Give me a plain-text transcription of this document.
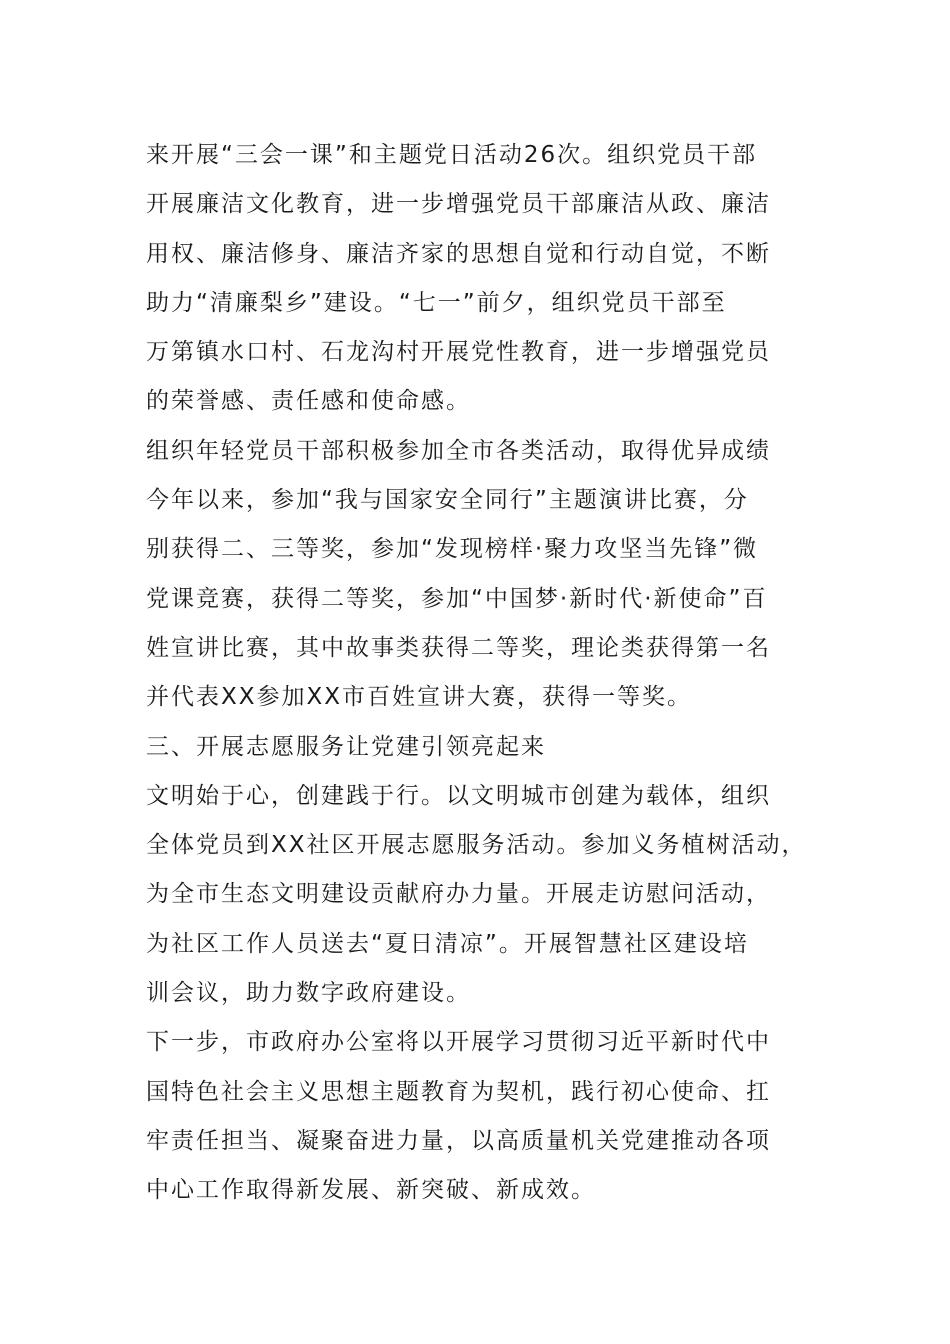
来开展“三会一课”和主题党日活动26次。组织党员干部
开展廉洁文化教育，进一步增强党员干部廉洁从政、廉洁
用权、廉洁修身、廉洁齐家的思想自觉和行动自觉，不断
助力“清廉梨乡”建设。“七一”前夕，组织党员干部至
万第镇水口村、石龙沟村开展党性教育，进一步增强党员
的荣誉感、责任感和使命感。
组织年轻党员干部积极参加全市各类活动，取得优异成绩
今年以来，参加“我与国家安全同行”主题演讲比赛，分
别获得二、三等奖，参加“发现榜样·聚力攻坚当先锋”微
党课竞赛，获得二等奖，参加“中国梦·新时代·新使命”百
姓宣讲比赛，其中故事类获得二等奖，理论类获得第一名
并代表XX参加XX市百姓宣讲大赛，获得一等奖。
三、开展志愿服务让党建引领亮起来
文明始于心，创建践于行。以文明城市创建为载体，组织
全体党员到XX社区开展志愿服务活动。参加义务植树活动，
为全市生态文明建设贡献府办力量。开展走访慰问活动，
为社区工作人员送去“夏日清凉”。开展智慧社区建设培
训会议，助力数字政府建设。
下一步，市政府办公室将以开展学习贯彻习近平新时代中
国特色社会主义思想主题教育为契机，践行初心使命、扛
牢责任担当、凝聚奋进力量，以高质量机关党建推动各项
中心工作取得新发展、新突破、新成效。
